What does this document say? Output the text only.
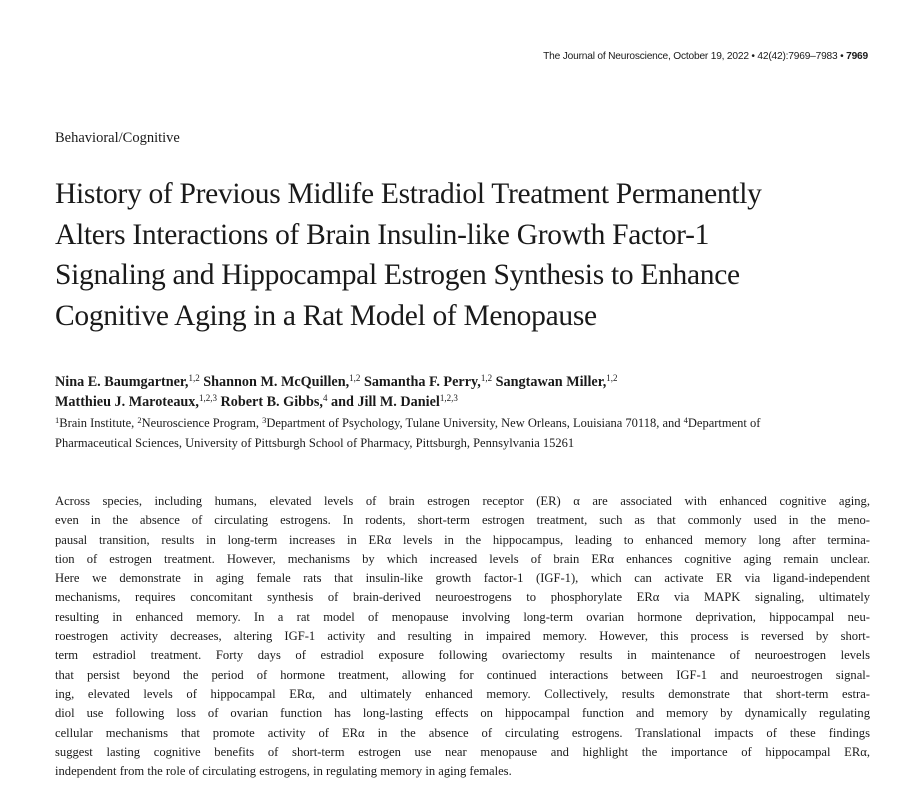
The Journal of Neuroscience, October 19, 2022 • 42(42):7969–7983 • 7969
Behavioral/Cognitive
History of Previous Midlife Estradiol Treatment Permanently
Alters Interactions of Brain Insulin-like Growth Factor-1
Signaling and Hippocampal Estrogen Synthesis to Enhance
Cognitive Aging in a Rat Model of Menopause
Nina E. Baumgartner,$^{1,2}$ Shannon M. McQuillen,$^{1,2}$ Samantha F. Perry,$^{1,2}$ Sangtawan Miller,$^{1,2}$
Matthieu J. Maroteaux,$^{1,2,3}$ Robert B. Gibbs,$^4$ and Jill M. Daniel$^{1,2,3}$
$^1$Brain Institute, $^2$Neuroscience Program, $^3$Department of Psychology, Tulane University, New Orleans, Louisiana 70118, and $^4$Department of
Pharmaceutical Sciences, University of Pittsburgh School of Pharmacy, Pittsburgh, Pennsylvania 15261
Across species, including humans, elevated levels of brain estrogen receptor (ER) α are associated with enhanced cognitive aging,
even in the absence of circulating estrogens. In rodents, short-term estrogen treatment, such as that commonly used in the meno-
pausal transition, results in long-term increases in ERα levels in the hippocampus, leading to enhanced memory long after termina-
tion of estrogen treatment. However, mechanisms by which increased levels of brain ERα enhances cognitive aging remain unclear.
Here we demonstrate in aging female rats that insulin-like growth factor-1 (IGF-1), which can activate ER via ligand-independent
mechanisms, requires concomitant synthesis of brain-derived neuroestrogens to phosphorylate ERα via MAPK signaling, ultimately
resulting in enhanced memory. In a rat model of menopause involving long-term ovarian hormone deprivation, hippocampal neu-
roestrogen activity decreases, altering IGF-1 activity and resulting in impaired memory. However, this process is reversed by short-
term estradiol treatment. Forty days of estradiol exposure following ovariectomy results in maintenance of neuroestrogen levels
that persist beyond the period of hormone treatment, allowing for continued interactions between IGF-1 and neuroestrogen signal-
ing, elevated levels of hippocampal ERα, and ultimately enhanced memory. Collectively, results demonstrate that short-term estra-
diol use following loss of ovarian function has long-lasting effects on hippocampal function and memory by dynamically regulating
cellular mechanisms that promote activity of ERα in the absence of circulating estrogens. Translational impacts of these findings
suggest lasting cognitive benefits of short-term estrogen use near menopause and highlight the importance of hippocampal ERα,
independent from the role of circulating estrogens, in regulating memory in aging females.
